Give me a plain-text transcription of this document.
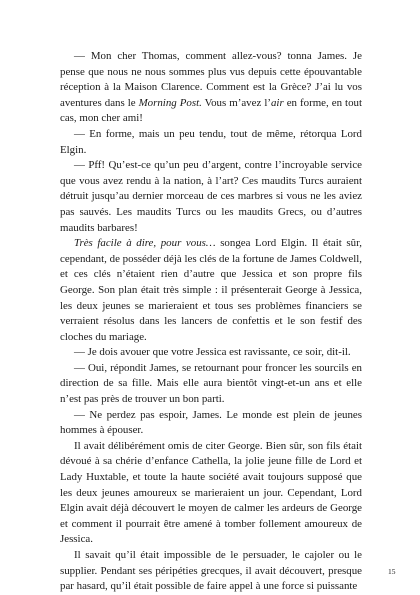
— Mon cher Thomas, comment allez-vous? tonna James. Je pense que nous ne nous sommes plus vus depuis cette épouvantable réception à la Maison Clarence. Comment est la Grèce? J’ai lu vos aventures dans le Morning Post. Vous m’avez l’air en forme, en tout cas, mon cher ami!

— En forme, mais un peu tendu, tout de même, rétorqua Lord Elgin.

— Pff! Qu’est-ce qu’un peu d’argent, contre l’incroyable service que vous avez rendu à la nation, à l’art? Ces maudits Turcs auraient détruit jusqu’au dernier morceau de ces marbres si vous ne les aviez pas sauvés. Les maudits Turcs ou les maudits Grecs, ou d’autres maudits barbares!

Très facile à dire, pour vous… songea Lord Elgin. Il était sûr, cependant, de posséder déjà les clés de la fortune de James Coldwell, et ces clés n’étaient rien d’autre que Jessica et son propre fils George. Son plan était très simple : il présenterait George à Jessica, les deux jeunes se marieraient et tous ses problèmes financiers se verraient résolus dans les lancers de confettis et le son festif des cloches du mariage.

— Je dois avouer que votre Jessica est ravissante, ce soir, dit-il.

— Oui, répondit James, se retournant pour froncer les sourcils en direction de sa fille. Mais elle aura bientôt vingt-et-un ans et elle n’est pas près de trouver un bon parti.

— Ne perdez pas espoir, James. Le monde est plein de jeunes hommes à épouser.

Il avait délibérément omis de citer George. Bien sûr, son fils était dévoué à sa chérie d’enfance Cathella, la jolie jeune fille de Lord et Lady Huxtable, et toute la haute société avait toujours supposé que les deux jeunes amoureux se marieraient un jour. Cependant, Lord Elgin avait déjà découvert le moyen de calmer les ardeurs de George et comment il pourrait être amené à tomber follement amoureux de Jessica.

Il savait qu’il était impossible de le persuader, le cajoler ou le supplier. Pendant ses péripéties grecques, il avait découvert, presque par hasard, qu’il était possible de faire appel à une force si puissante

15
